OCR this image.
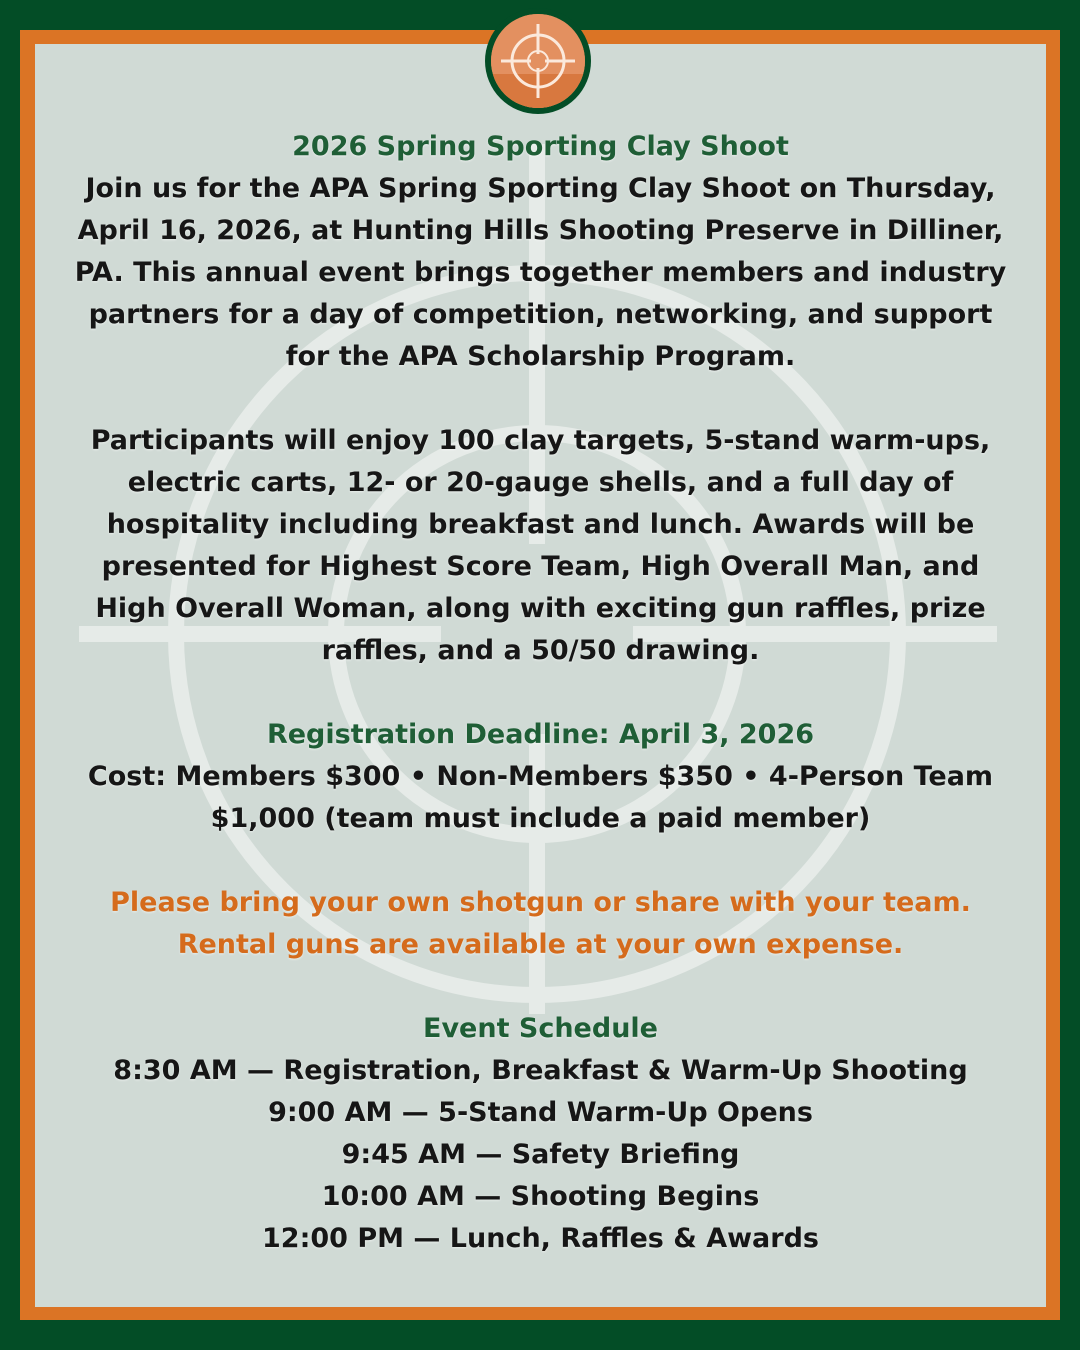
2026 Spring Sporting Clay Shoot

Join us for the APA Spring Sporting Clay Shoot on Thursday, April 16, 2026, at Hunting Hills Shooting Preserve in Dilliner, PA. This annual event brings together members and industry partners for a day of competition, networking, and support for the APA Scholarship Program.

Participants will enjoy 100 clay targets, 5-stand warm-ups, electric carts, 12- or 20-gauge shells, and a full day of hospitality including breakfast and lunch. Awards will be presented for Highest Score Team, High Overall Man, and High Overall Woman, along with exciting gun raffles, prize raffles, and a 50/50 drawing.

Registration Deadline: April 3, 2026

Cost: Members $300 • Non-Members $350 • 4-Person Team $1,000 (team must include a paid member)

Please bring your own shotgun or share with your team. Rental guns are available at your own expense.

Event Schedule

8:30 AM — Registration, Breakfast & Warm-Up Shooting
9:00 AM — 5-Stand Warm-Up Opens
9:45 AM — Safety Briefing
10:00 AM — Shooting Begins
12:00 PM — Lunch, Raffles & Awards
